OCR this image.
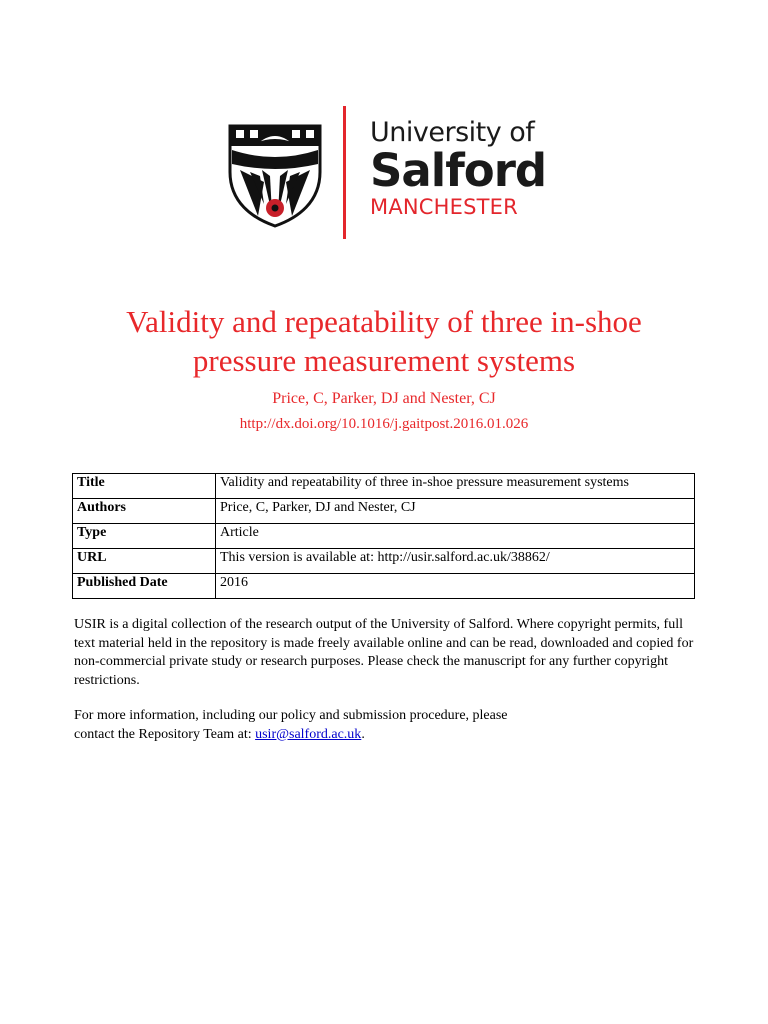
University of
Salford
MANCHESTER
Validity and repeatability of three in-shoe
pressure measurement systems
Price, C, Parker, DJ and Nester, CJ
http://dx.doi.org/10.1016/j.gaitpost.2016.01.026
Title	Validity and repeatability of three in-shoe pressure measurement systems
Authors	Price, C, Parker, DJ and Nester, CJ
Type	Article
URL	This version is available at: http://usir.salford.ac.uk/38862/
Published Date	2016
USIR is a digital collection of the research output of the University of Salford. Where copyright permits, full text material held in the repository is made freely available online and can be read, downloaded and copied for non-commercial private study or research purposes. Please check the manuscript for any further copyright restrictions.
For more information, including our policy and submission procedure, please
contact the Repository Team at: usir@salford.ac.uk.
